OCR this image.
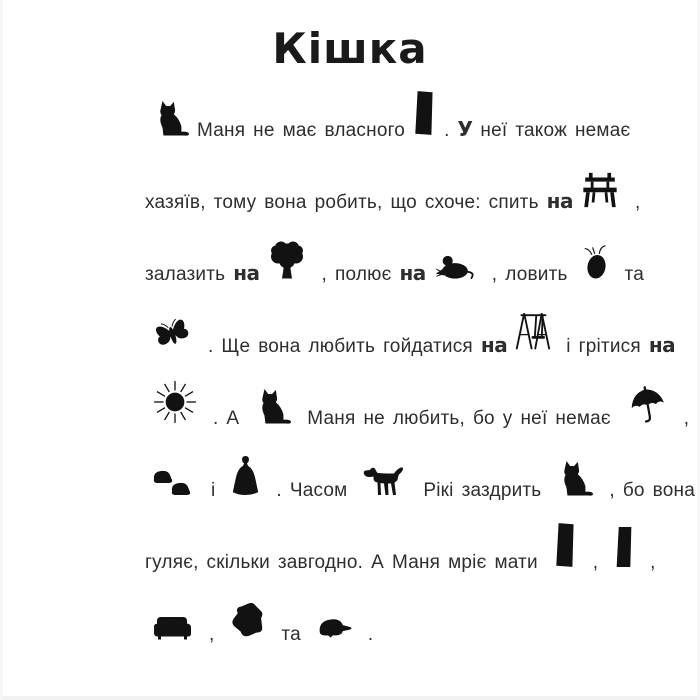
Кішка
Маня не має власного . У неї також немає
хазяїв, тому вона робить, що схоче: спить на	,
залазить на	, полює на	, ловить та
. Ще вона любить гойдатися на	і грітися на
. А	Маня не любить, бо у неї немає	,
і . Часом	Рікі заздрить	, бо вона
гуляє, скільки завгодно. А Маня мріє мати , ,
,	та	.
